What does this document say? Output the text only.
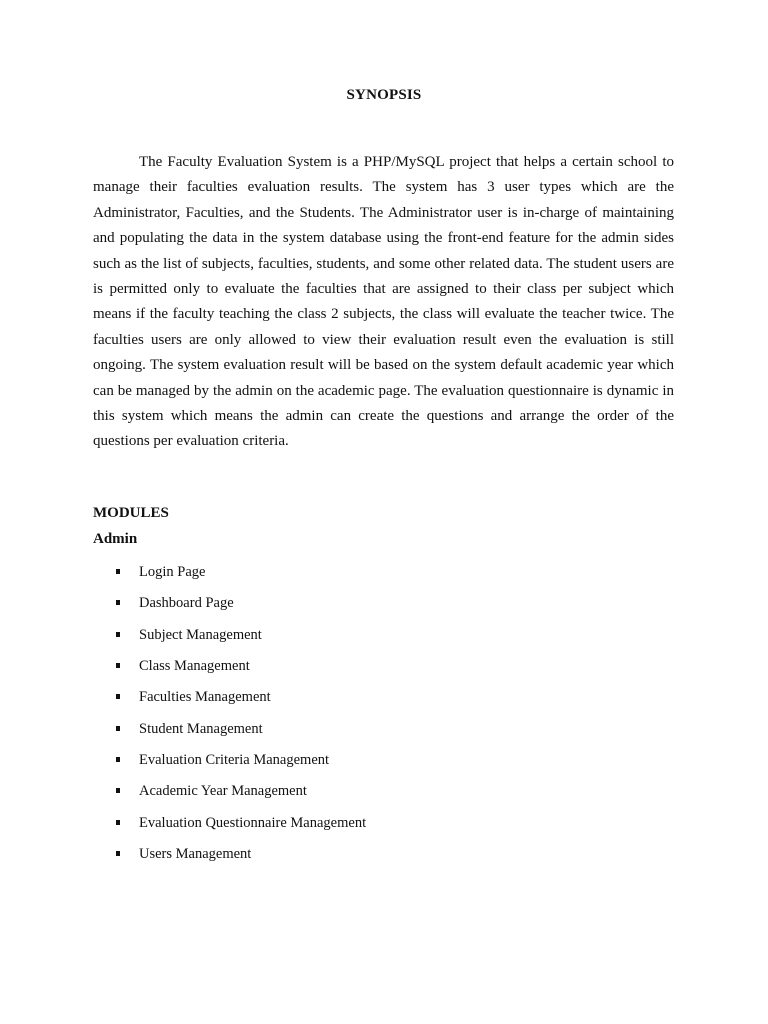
SYNOPSIS

The Faculty Evaluation System is a PHP/MySQL project that helps a certain school to manage their faculties evaluation results. The system has 3 user types which are the Administrator, Faculties, and the Students. The Administrator user is in-charge of maintaining and populating the data in the system database using the front-end feature for the admin sides such as the list of subjects, faculties, students, and some other related data. The student users are is permitted only to evaluate the faculties that are assigned to their class per subject which means if the faculty teaching the class 2 subjects, the class will evaluate the teacher twice. The faculties users are only allowed to view their evaluation result even the evaluation is still ongoing. The system evaluation result will be based on the system default academic year which can be managed by the admin on the academic page. The evaluation questionnaire is dynamic in this system which means the admin can create the questions and arrange the order of the questions per evaluation criteria.

MODULES
Admin
Login Page
Dashboard Page
Subject Management
Class Management
Faculties Management
Student Management
Evaluation Criteria Management
Academic Year Management
Evaluation Questionnaire Management
Users Management
